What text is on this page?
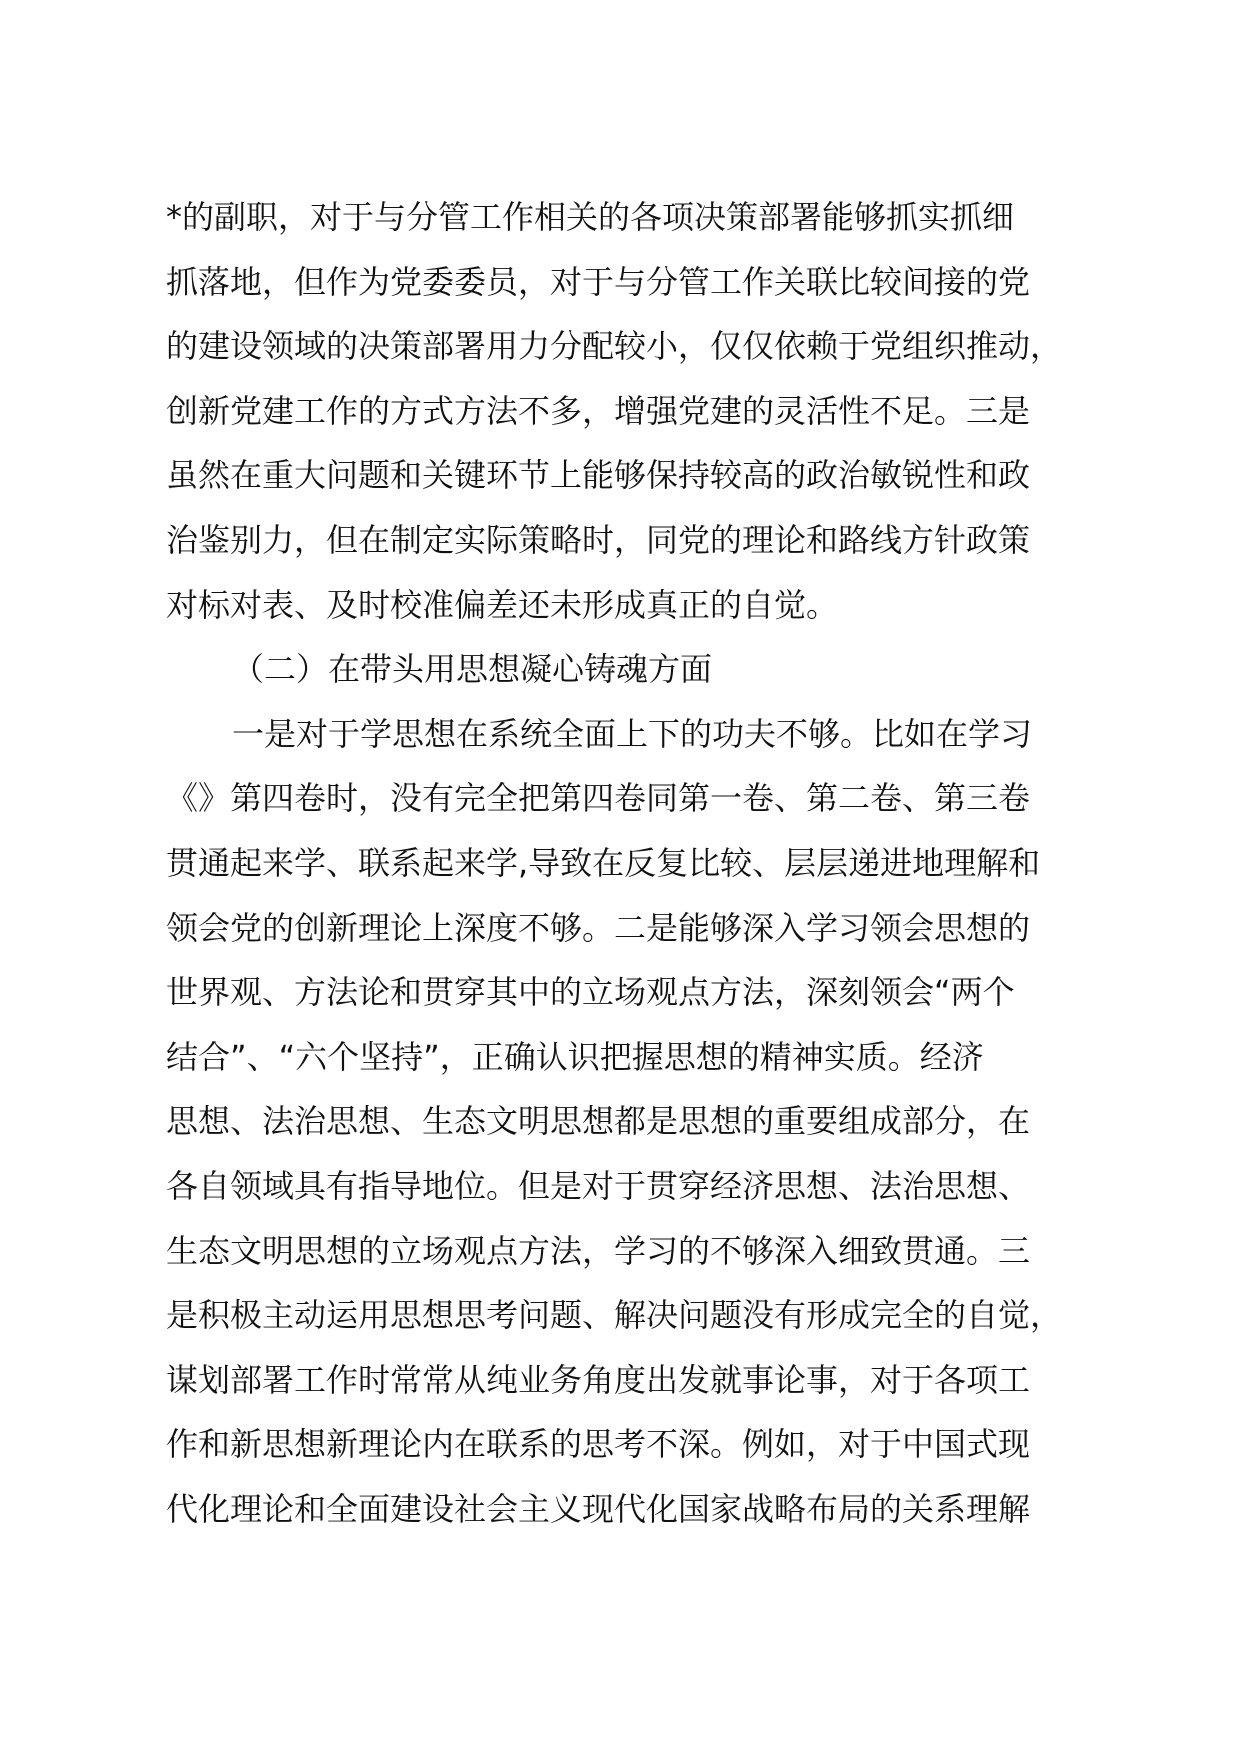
*的副职，对于与分管工作相关的各项决策部署能够抓实抓细
抓落地，但作为党委委员，对于与分管工作关联比较间接的党
的建设领域的决策部署用力分配较小，仅仅依赖于党组织推动，
创新党建工作的方式方法不多，增强党建的灵活性不足。三是
虽然在重大问题和关键环节上能够保持较高的政治敏锐性和政
治鉴别力，但在制定实际策略时，同党的理论和路线方针政策
对标对表、及时校准偏差还未形成真正的自觉。
（二）在带头用思想凝心铸魂方面
一是对于学思想在系统全面上下的功夫不够。比如在学习
《》第四卷时，没有完全把第四卷同第一卷、第二卷、第三卷
贯通起来学、联系起来学,导致在反复比较、层层递进地理解和
领会党的创新理论上深度不够。二是能够深入学习领会思想的
世界观、方法论和贯穿其中的立场观点方法，深刻领会“两个
结合”、“六个坚持”，正确认识把握思想的精神实质。经济
思想、法治思想、生态文明思想都是思想的重要组成部分，在
各自领域具有指导地位。但是对于贯穿经济思想、法治思想、
生态文明思想的立场观点方法，学习的不够深入细致贯通。三
是积极主动运用思想思考问题、解决问题没有形成完全的自觉，
谋划部署工作时常常从纯业务角度出发就事论事，对于各项工
作和新思想新理论内在联系的思考不深。例如，对于中国式现
代化理论和全面建设社会主义现代化国家战略布局的关系理解
